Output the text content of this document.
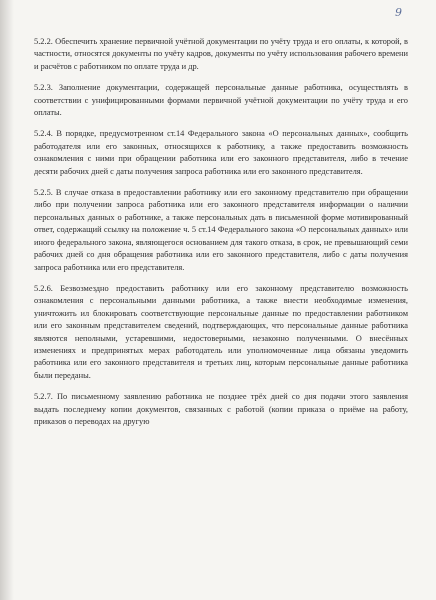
9

5.2.2. Обеспечить хранение первичной учётной документации по учёту труда и его оплаты, к которой, в частности, относятся документы по учёту кадров, документы по учёту использования рабочего времени и расчётов с работником по оплате труда и др.

5.2.3. Заполнение документации, содержащей персональные данные работника, осуществлять в соответствии с унифицированными формами первичной учётной документации по учёту труда и его оплаты.

5.2.4. В порядке, предусмотренном ст.14 Федерального закона «О персональных данных», сообщить работодателя или его законных, относящихся к работнику, а также предоставить возможность ознакомления с ними при обращении работника или его законного представителя, либо в течение десяти рабочих дней с даты получения запроса работника или его законного представителя.

5.2.5. В случае отказа в предоставлении работнику или его законному представителю при обращении либо при получении запроса работника или его законного представителя информации о наличии персональных данных о работнике, а также персональных дать в письменной форме мотивированный ответ, содержащий ссылку на положение ч. 5 ст.14 Федерального закона «О персональных данных» или иного федерального закона, являющегося основанием для такого отказа, в срок, не превышающий семи рабочих дней со дня обращения работника или его законного представителя, либо с даты получения запроса работника или его представителя.

5.2.6. Безвозмездно предоставить работнику или его законному представителю возможность ознакомления с персональными данными работника, а также внести необходимые изменения, уничтожить ил блокировать соответствующие персональные данные по предоставлении работником или его законным представителем сведений, подтверждающих, что персональные данные работника являются неполными, устаревшими, недостоверными, незаконно полученными. О внесённых изменениях и предпринятых мерах работодатель или уполномоченные лица обязаны уведомить работника или его законного представителя и третьих лиц, которым персональные данные работника были переданы.

5.2.7. По письменному заявлению работника не позднее трёх дней со дня подачи этого заявления выдать последнему копии документов, связанных с работой (копии приказа о приёме на работу, приказов о переводах на другую
